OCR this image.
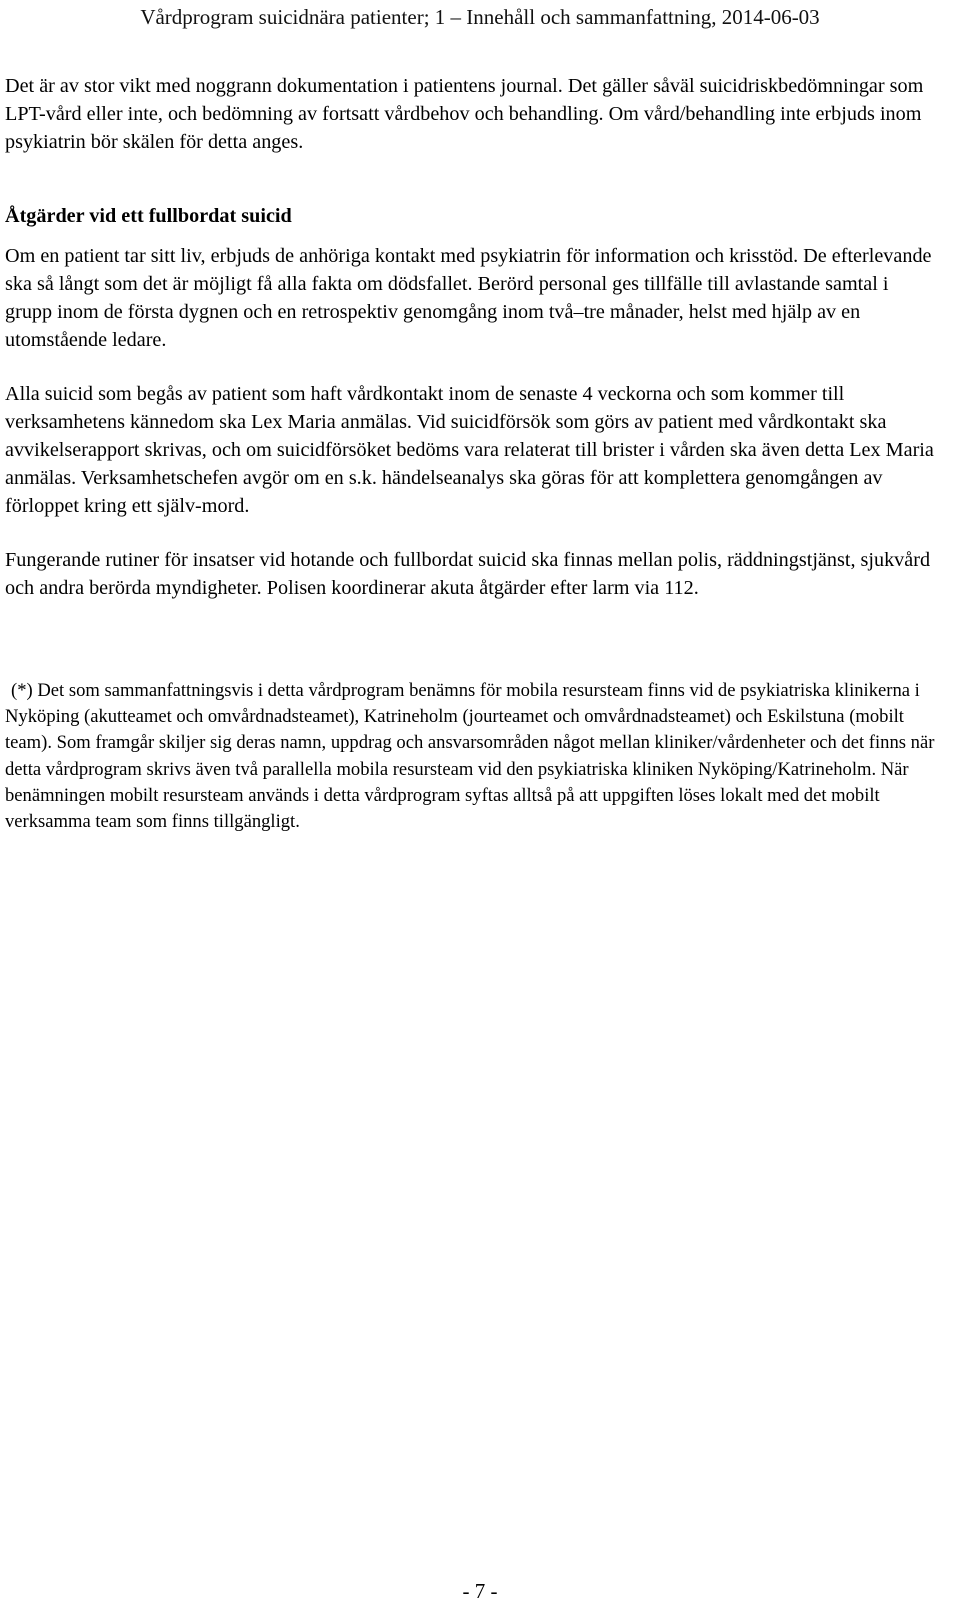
Vårdprogram suicidnära patienter; 1 – Innehåll och sammanfattning, 2014-06-03

Det är av stor vikt med noggrann dokumentation i patientens journal. Det gäller såväl suicidriskbedömningar som LPT-vård eller inte, och bedömning av fortsatt vårdbehov och behandling. Om vård/behandling inte erbjuds inom psykiatrin bör skälen för detta anges.

Åtgärder vid ett fullbordat suicid

Om en patient tar sitt liv, erbjuds de anhöriga kontakt med psykiatrin för information och krisstöd. De efterlevande ska så långt som det är möjligt få alla fakta om dödsfallet. Berörd personal ges tillfälle till avlastande samtal i grupp inom de första dygnen och en retrospektiv genomgång inom två–tre månader, helst med hjälp av en utomstående ledare.

Alla suicid som begås av patient som haft vårdkontakt inom de senaste 4 veckorna och som kommer till verksamhetens kännedom ska Lex Maria anmälas. Vid suicidförsök som görs av patient med vårdkontakt ska avvikelserapport skrivas, och om suicidförsöket bedöms vara relaterat till brister i vården ska även detta Lex Maria anmälas. Verksamhetschefen avgör om en s.k. händelseanalys ska göras för att komplettera genomgången av förloppet kring ett själv-mord.

Fungerande rutiner för insatser vid hotande och fullbordat suicid ska finnas mellan polis, räddningstjänst, sjukvård och andra berörda myndigheter. Polisen koordinerar akuta åtgärder efter larm via 112.

(*) Det som sammanfattningsvis i detta vårdprogram benämns för mobila resursteam finns vid de psykiatriska klinikerna i Nyköping (akutteamet och omvårdnadsteamet), Katrineholm (jourteamet och omvårdnadsteamet) och Eskilstuna (mobilt team). Som framgår skiljer sig deras namn, uppdrag och ansvarsområden något mellan kliniker/vårdenheter och det finns när detta vårdprogram skrivs även två parallella mobila resursteam vid den psykiatriska kliniken Nyköping/Katrineholm. När benämningen mobilt resursteam används i detta vårdprogram syftas alltså på att uppgiften löses lokalt med det mobilt verksamma team som finns tillgängligt.

- 7 -
